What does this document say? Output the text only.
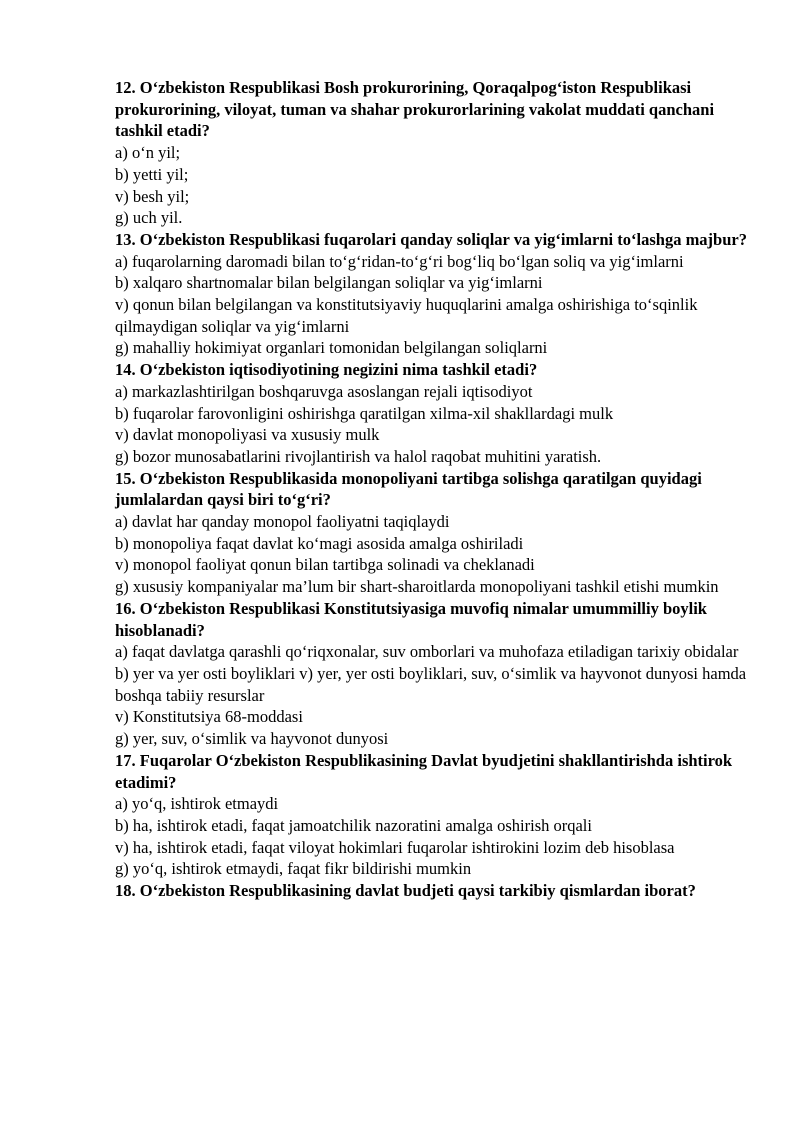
12. O‘zbekiston Respublikasi Bosh prokurorining, Qoraqalpog‘iston Respublikasi prokurorining, viloyat, tuman va shahar prokurorlarining vakolat muddati qanchani tashkil etadi?
a) o‘n yil;
b) yetti yil;
v) besh yil;
g) uch yil.
13. O‘zbekiston Respublikasi fuqarolari qanday soliqlar va yig‘imlarni to‘lashga majbur?
a) fuqarolarning daromadi bilan to‘g‘ridan-to‘g‘ri bog‘liq bo‘lgan soliq va yig‘imlarni
b) xalqaro shartnomalar bilan belgilangan soliqlar va yig‘imlarni
v) qonun bilan belgilangan va konstitutsiyaviy huquqlarini amalga oshirishiga to‘sqinlik qilmaydigan soliqlar va yig‘imlarni
g) mahalliy hokimiyat organlari tomonidan belgilangan soliqlarni
14. O‘zbekiston iqtisodiyotining negizini nima tashkil etadi?
a) markazlashtirilgan boshqaruvga asoslangan rejali iqtisodiyot
b) fuqarolar farovonligini oshirishga qaratilgan xilma-xil shakllardagi mulk
v) davlat monopoliyasi va xususiy mulk
g) bozor munosabatlarini rivojlantirish va halol raqobat muhitini yaratish.
15. O‘zbekiston Respublikasida monopoliyani tartibga solishga qaratilgan quyidagi jumlalardan qaysi biri to‘g‘ri?
a) davlat har qanday monopol faoliyatni taqiqlaydi
b) monopoliya faqat davlat ko‘magi asosida amalga oshiriladi
v) monopol faoliyat qonun bilan tartibga solinadi va cheklanadi
g) xususiy kompaniyalar ma’lum bir shart-sharoitlarda monopoliyani tashkil etishi mumkin
16. O‘zbekiston Respublikasi Konstitutsiyasiga muvofiq nimalar umummilliy boylik hisoblanadi?
a) faqat davlatga qarashli qo‘riqxonalar, suv omborlari va muhofaza etiladigan tarixiy obidalar
b) yer va yer osti boyliklari v) yer, yer osti boyliklari, suv, o‘simlik va hayvonot dunyosi hamda boshqa tabiiy resurslar
v) Konstitutsiya 68-moddasi
g) yer, suv, o‘simlik va hayvonot dunyosi
17. Fuqarolar O‘zbekiston Respublikasining Davlat byudjetini shakllantirishda ishtirok etadimi?
a) yo‘q, ishtirok etmaydi
b) ha, ishtirok etadi, faqat jamoatchilik nazoratini amalga oshirish orqali
v) ha, ishtirok etadi, faqat viloyat hokimlari fuqarolar ishtirokini lozim deb hisoblasa
g) yo‘q, ishtirok etmaydi, faqat fikr bildirishi mumkin
18. O‘zbekiston Respublikasining davlat budjeti qaysi tarkibiy qismlardan iborat?
